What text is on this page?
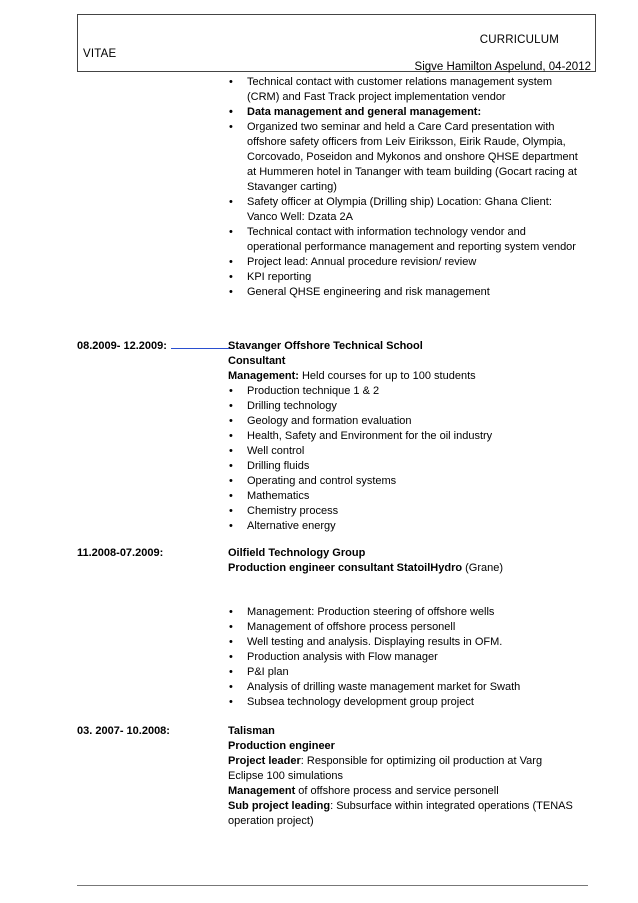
CURRICULUM
VITAE
Sigve Hamilton Aspelund, 04-2012
• Technical contact with customer relations management system (CRM) and Fast Track project implementation vendor
• Data management and general management:
• Organized two seminar and held a Care Card presentation with offshore safety officers from Leiv Eiriksson, Eirik Raude, Olympia, Corcovado, Poseidon and Mykonos and onshore QHSE department at Hummeren hotel in Tananger with team building (Gocart racing at Stavanger carting)
• Safety officer at Olympia (Drilling ship) Location: Ghana Client: Vanco Well: Dzata 2A
• Technical contact with information technology vendor and operational performance management and reporting system vendor
• Project lead: Annual procedure revision/ review
• KPI reporting
• General QHSE engineering and risk management
08.2009- 12.2009:	Stavanger Offshore Technical School
Consultant
Management: Held courses for up to 100 students
• Production technique 1 & 2
• Drilling technology
• Geology and formation evaluation
• Health, Safety and Environment for the oil industry
• Well control
• Drilling fluids
• Operating and control systems
• Mathematics
• Chemistry process
• Alternative energy
11.2008-07.2009:	Oilfield Technology Group
Production engineer consultant StatoilHydro (Grane)
• Management: Production steering of offshore wells
• Management of offshore process personell
• Well testing and analysis. Displaying results in OFM.
• Production analysis with Flow manager
• P&I plan
• Analysis of drilling waste management market for Swath
• Subsea technology development group project
03. 2007- 10.2008:	Talisman
Production engineer
Project leader: Responsible for optimizing oil production at Varg Eclipse 100 simulations
Management of offshore process and service personell
Sub project leading: Subsurface within integrated operations (TENAS operation project)
